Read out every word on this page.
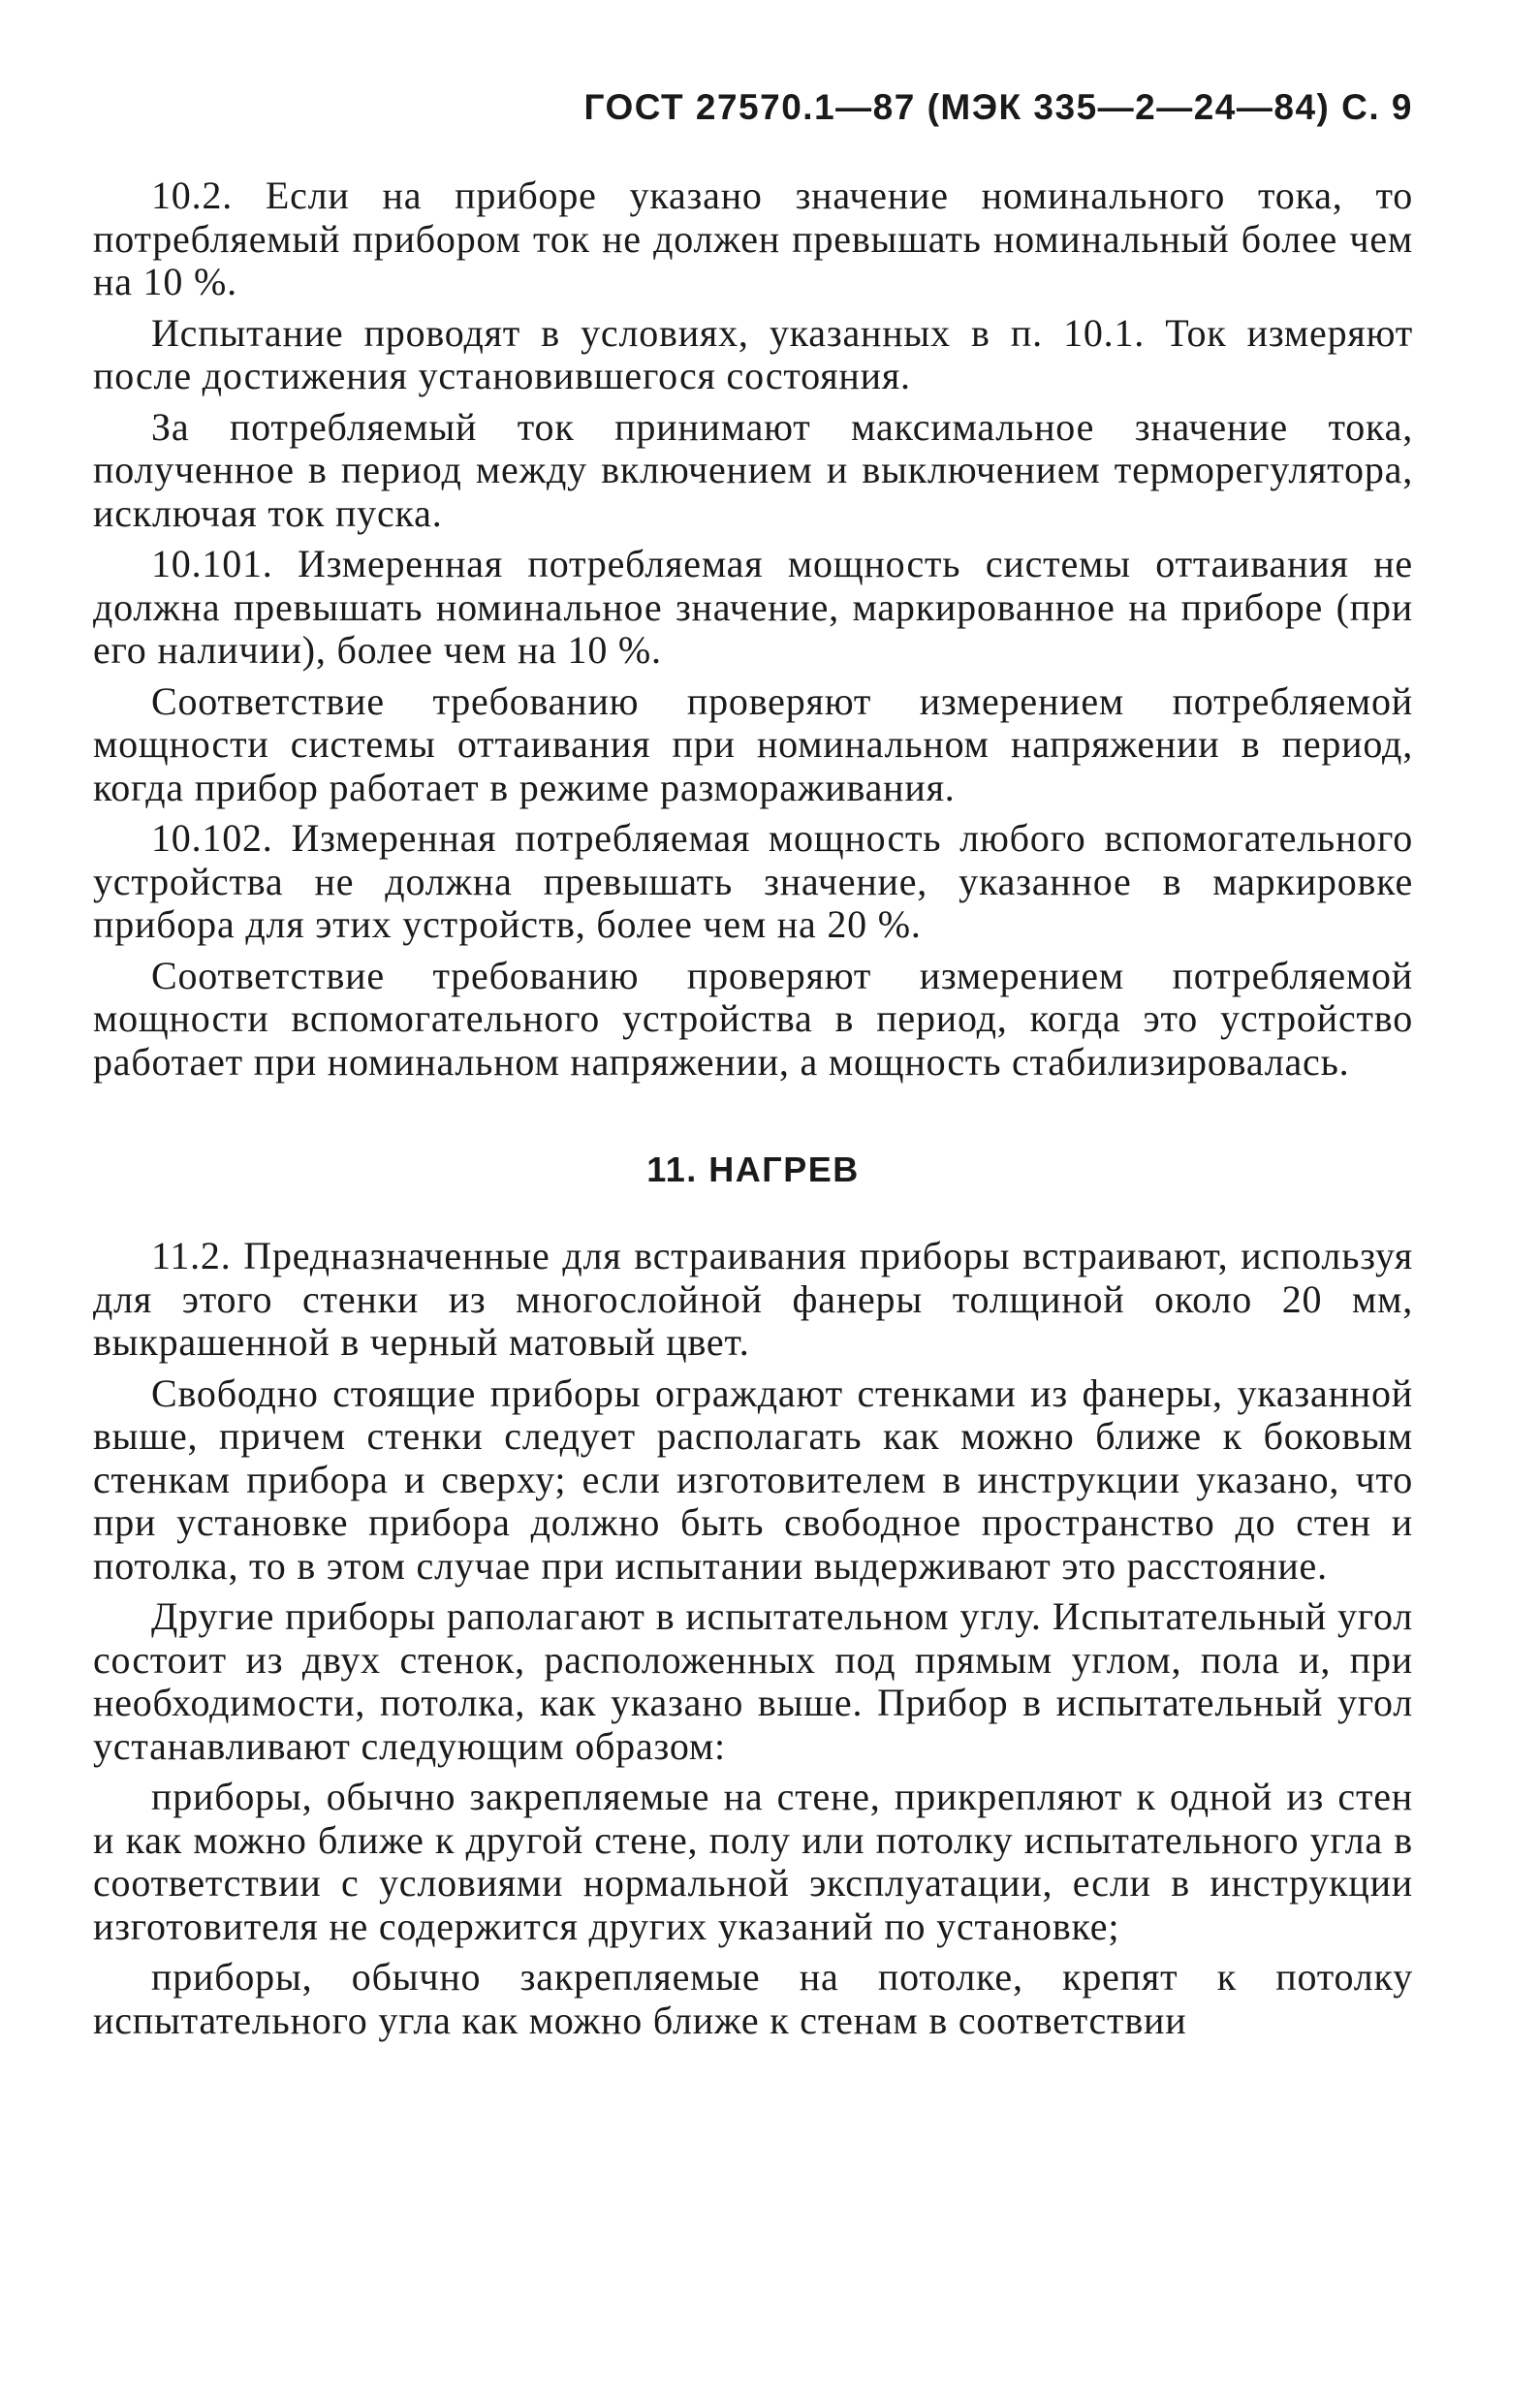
ГОСТ 27570.1—87 (МЭК 335—2—24—84) С. 9

10.2. Если на приборе указано значение номинального тока, то потребляемый прибором ток не должен превышать номинальный более чем на 10 %.

Испытание проводят в условиях, указанных в п. 10.1. Ток измеряют после достижения установившегося состояния.

За потребляемый ток принимают максимальное значение тока, полученное в период между включением и выключением терморегулятора, исключая ток пуска.

10.101. Измеренная потребляемая мощность системы оттаивания не должна превышать номинальное значение, маркированное на приборе (при его наличии), более чем на 10 %.

Соответствие требованию проверяют измерением потребляемой мощности системы оттаивания при номинальном напряжении в период, когда прибор работает в режиме размораживания.

10.102. Измеренная потребляемая мощность любого вспомогательного устройства не должна превышать значение, указанное в маркировке прибора для этих устройств, более чем на 20 %.

Соответствие требованию проверяют измерением потребляемой мощности вспомогательного устройства в период, когда это устройство работает при номинальном напряжении, а мощность стабилизировалась.

11. НАГРЕВ

11.2. Предназначенные для встраивания приборы встраивают, используя для этого стенки из многослойной фанеры толщиной около 20 мм, выкрашенной в черный матовый цвет.

Свободно стоящие приборы ограждают стенками из фанеры, указанной выше, причем стенки следует располагать как можно ближе к боковым стенкам прибора и сверху; если изготовителем в инструкции указано, что при установке прибора должно быть свободное пространство до стен и потолка, то в этом случае при испытании выдерживают это расстояние.

Другие приборы раполагают в испытательном углу. Испытательный угол состоит из двух стенок, расположенных под прямым углом, пола и, при необходимости, потолка, как указано выше. Прибор в испытательный угол устанавливают следующим образом:

приборы, обычно закрепляемые на стене, прикрепляют к одной из стен и как можно ближе к другой стене, полу или потолку испытательного угла в соответствии с условиями нормальной эксплуатации, если в инструкции изготовителя не содержится других указаний по установке;

приборы, обычно закрепляемые на потолке, крепят к потолку испытательного угла как можно ближе к стенам в соответствии
